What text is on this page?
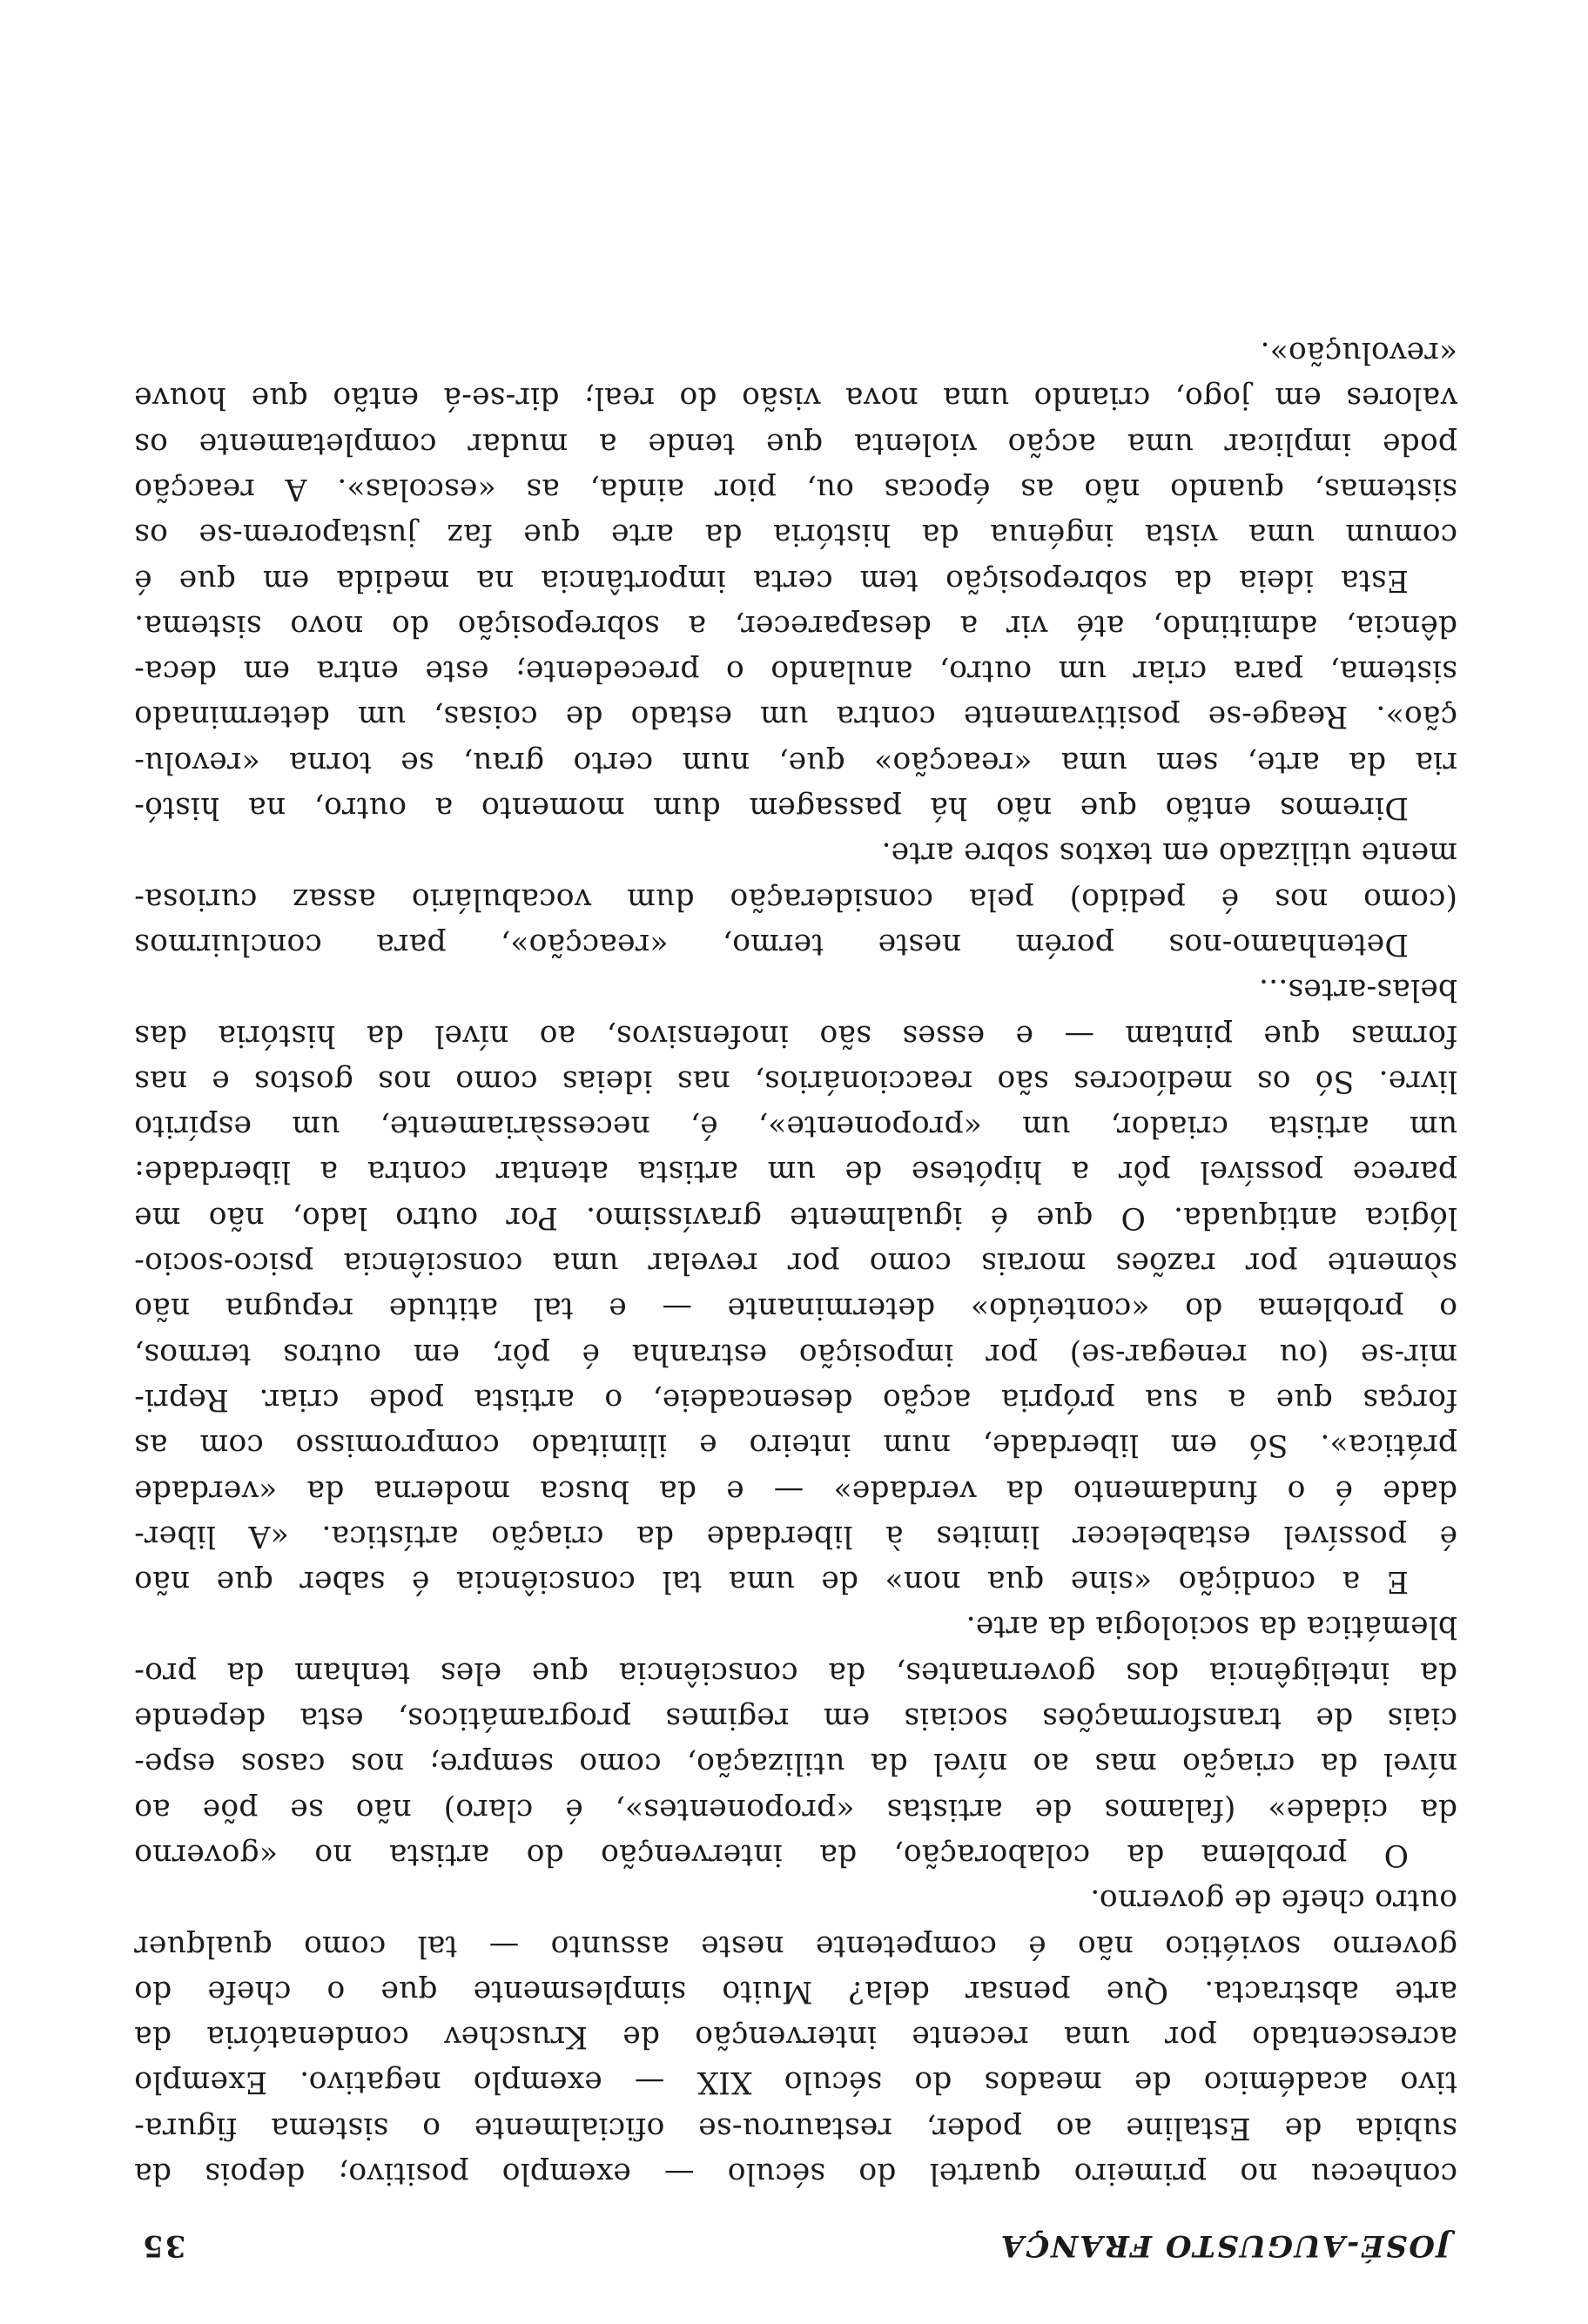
JOSÉ-AUGUSTO FRANÇA
35
conheceu no primeiro quartel do século — exemplo positivo; depois da
subida de Estaline ao poder, restaurou-se oficialmente o sistema figura-
tivo académico de meados do século XIX — exemplo negativo. Exemplo
acrescentado por uma recente intervenção de Kruschev condenatória da
arte abstracta. Que pensar dela? Muito simplesmente que o chefe do
governo soviético não é competente neste assunto — tal como qualquer
outro chefe de governo.
O problema da colaboração, da intervenção do artista no «governo
da cidade» (falamos de artistas «proponentes», é claro) não se põe ao
nível da criação mas ao nível da utilização, como sempre; nos casos espe-
ciais de transformações sociais em regimes programáticos, esta depende
da inteligência dos governantes, da consciência que eles tenham da pro-
blemática da sociologia da arte.
E a condição «sine qua non» de uma tal consciência é saber que não
é possível estabelecer limites à liberdade da criação artística. «A liber-
dade é o fundamento da verdade» — e da busca moderna da «verdade
prática». Só em liberdade, num inteiro e ilimitado compromisso com as
forças que a sua própria acção desencadeie, o artista pode criar. Repri-
mir-se (ou renegar-se) por imposição estranha é pôr, em outros termos,
o problema do «conteúdo» determinante — e tal atitude repugna não
sòmente por razões morais como por revelar uma consciência psico-socio-
lógica antiquada. O que é igualmente gravíssimo. Por outro lado, não me
parece possível pôr a hipótese de um artista atentar contra a liberdade:
um artista criador, um «proponente», é, necessàriamente, um espírito
livre. Só os medíocres são reaccionários, nas ideias como nos gostos e nas
formas que pintam — e esses são inofensivos, ao nível da história das
belas-artes...
Detenhamo-nos porém neste termo, «reacção», para concluirmos
(como nos é pedido) pela consideração dum vocabulário assaz curiosa-
mente utilizado em textos sobre arte.
Diremos então que não há passagem dum momento a outro, na histó-
ria da arte, sem uma «reacção» que, num certo grau, se torna «revolu-
ção». Reage-se positivamente contra um estado de coisas, um determinado
sistema, para criar um outro, anulando o precedente; este entra em deca-
dência, admitindo, até vir a desaparecer, a sobreposição do novo sistema.
Esta ideia da sobreposição tem certa importância na medida em que é
comum uma vista ingénua da história da arte que faz justaporem-se os
sistemas, quando não as épocas ou, pior ainda, as «escolas». A reacção
pode implicar uma acção violenta que tende a mudar completamente os
valores em jogo, criando uma nova visão do real; dir-se-á então que houve
«revolução».
